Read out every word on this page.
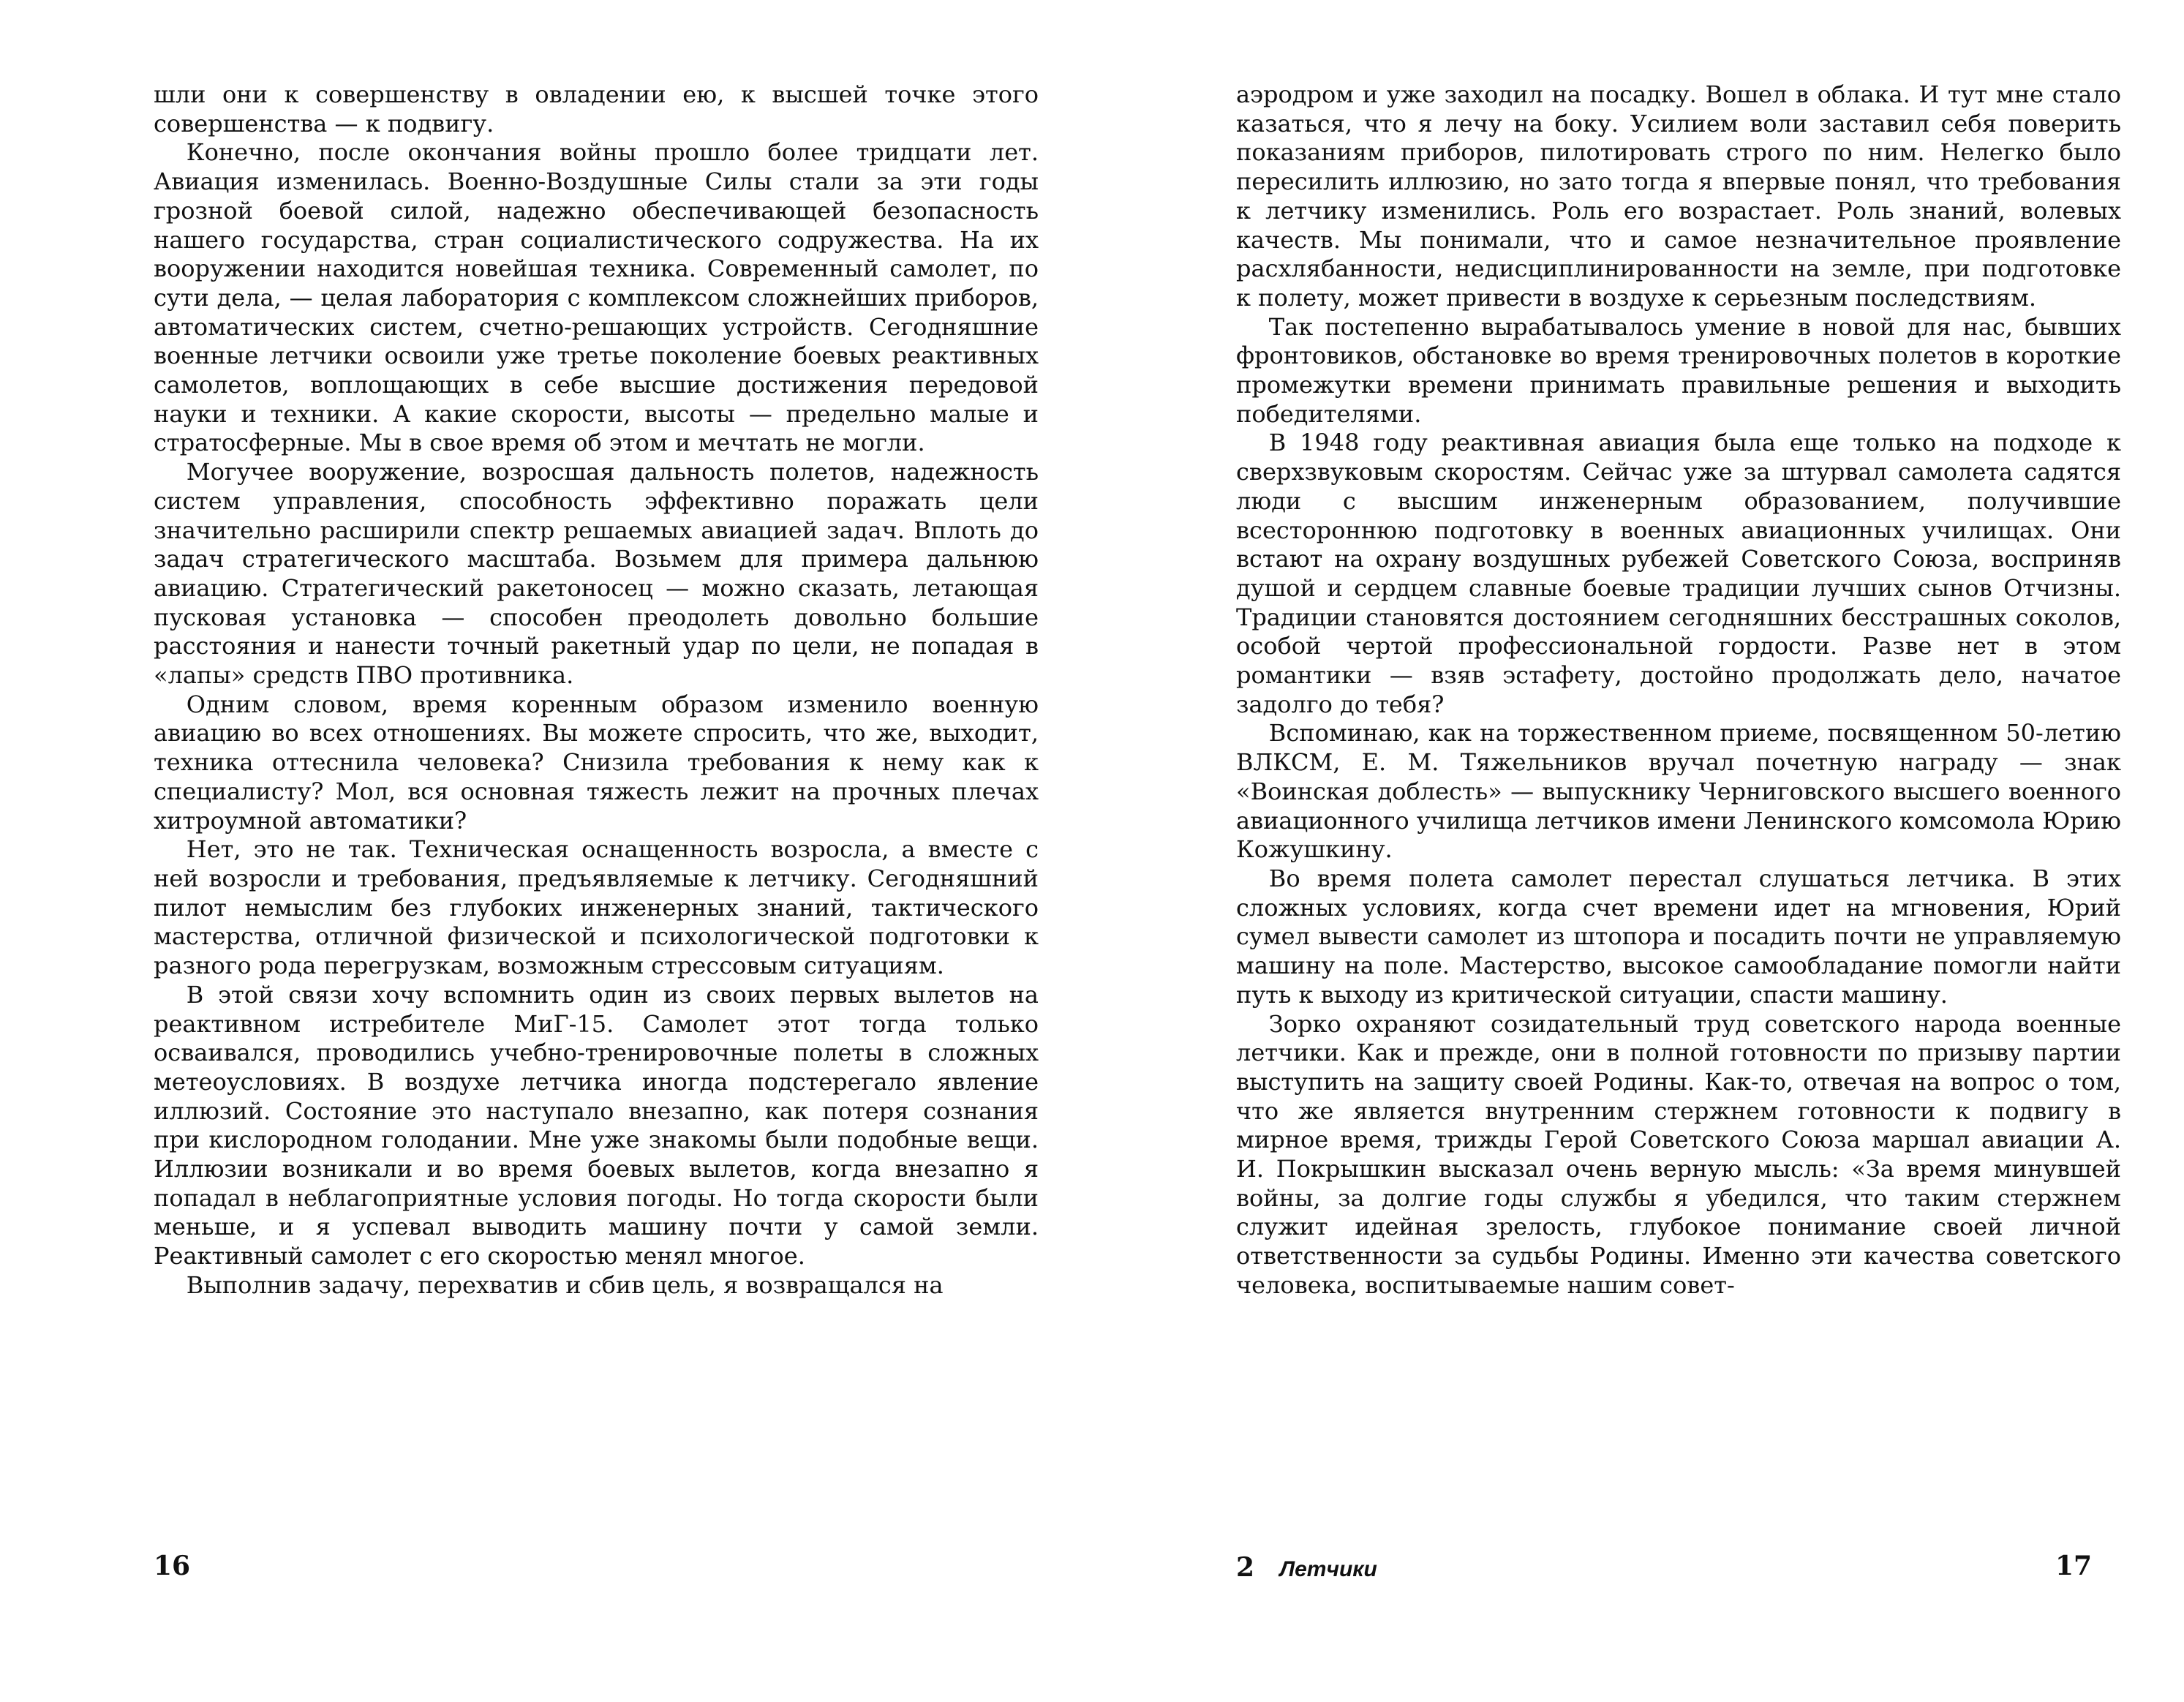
шли они к совершенству в овладении ею, к высшей точке этого совершенства — к подвигу.

Конечно, после окончания войны прошло более тридцати лет. Авиация изменилась. Военно-Воздушные Силы стали за эти годы грозной боевой силой, надежно обеспечивающей безопасность нашего государства, стран социалистического содружества. На их вооружении находится новейшая техника. Современный самолет, по сути дела, — целая лаборатория с комплексом сложнейших приборов, автоматических систем, счетно-решающих устройств. Сегодняшние военные летчики освоили уже третье поколение боевых реактивных самолетов, воплощающих в себе высшие достижения передовой науки и техники. А какие скорости, высоты — предельно малые и стратосферные. Мы в свое время об этом и мечтать не могли.

Могучее вооружение, возросшая дальность полетов, надежность систем управления, способность эффективно поражать цели значительно расширили спектр решаемых авиацией задач. Вплоть до задач стратегического масштаба. Возьмем для примера дальнюю авиацию. Стратегический ракетоносец — можно сказать, летающая пусковая установка — способен преодолеть довольно большие расстояния и нанести точный ракетный удар по цели, не попадая в «лапы» средств ПВО противника.

Одним словом, время коренным образом изменило военную авиацию во всех отношениях. Вы можете спросить, что же, выходит, техника оттеснила человека? Снизила требования к нему как к специалисту? Мол, вся основная тяжесть лежит на прочных плечах хитроумной автоматики?

Нет, это не так. Техническая оснащенность возросла, а вместе с ней возросли и требования, предъявляемые к летчику. Сегодняшний пилот немыслим без глубоких инженерных знаний, тактического мастерства, отличной физической и психологической подготовки к разного рода перегрузкам, возможным стрессовым ситуациям.

В этой связи хочу вспомнить один из своих первых вылетов на реактивном истребителе МиГ-15. Самолет этот тогда только осваивался, проводились учебно-тренировочные полеты в сложных метеоусловиях. В воздухе летчика иногда подстерегало явление иллюзий. Состояние это наступало внезапно, как потеря сознания при кислородном голодании. Мне уже знакомы были подобные вещи. Иллюзии возникали и во время боевых вылетов, когда внезапно я попадал в неблагоприятные условия погоды. Но тогда скорости были меньше, и я успевал выводить машину почти у самой земли. Реактивный самолет с его скоростью менял многое.

Выполнив задачу, перехватив и сбив цель, я возвращался на

16

аэродром и уже заходил на посадку. Вошел в облака. И тут мне стало казаться, что я лечу на боку. Усилием воли заставил себя поверить показаниям приборов, пилотировать строго по ним. Нелегко было пересилить иллюзию, но зато тогда я впервые понял, что требования к летчику изменились. Роль его возрастает. Роль знаний, волевых качеств. Мы понимали, что и самое незначительное проявление расхлябанности, недисциплинированности на земле, при подготовке к полету, может привести в воздухе к серьезным последствиям.

Так постепенно вырабатывалось умение в новой для нас, бывших фронтовиков, обстановке во время тренировочных полетов в короткие промежутки времени принимать правильные решения и выходить победителями.

В 1948 году реактивная авиация была еще только на подходе к сверхзвуковым скоростям. Сейчас уже за штурвал самолета садятся люди с высшим инженерным образованием, получившие всестороннюю подготовку в военных авиационных училищах. Они встают на охрану воздушных рубежей Советского Союза, восприняв душой и сердцем славные боевые традиции лучших сынов Отчизны. Традиции становятся достоянием сегодняшних бесстрашных соколов, особой чертой профессиональной гордости. Разве нет в этом романтики — взяв эстафету, достойно продолжать дело, начатое задолго до тебя?

Вспоминаю, как на торжественном приеме, посвященном 50-летию ВЛКСМ, Е. М. Тяжельников вручал почетную награду — знак «Воинская доблесть» — выпускнику Черниговского высшего военного авиационного училища летчиков имени Ленинского комсомола Юрию Кожушкину.

Во время полета самолет перестал слушаться летчика. В этих сложных условиях, когда счет времени идет на мгновения, Юрий сумел вывести самолет из штопора и посадить почти не управляемую машину на поле. Мастерство, высокое самообладание помогли найти путь к выходу из критической ситуации, спасти машину.

Зорко охраняют созидательный труд советского народа военные летчики. Как и прежде, они в полной готовности по призыву партии выступить на защиту своей Родины. Как-то, отвечая на вопрос о том, что же является внутренним стержнем готовности к подвигу в мирное время, трижды Герой Советского Союза маршал авиации А. И. Покрышкин высказал очень верную мысль: «За время минувшей войны, за долгие годы службы я убедился, что таким стержнем служит идейная зрелость, глубокое понимание своей личной ответственности за судьбы Родины. Именно эти качества советского человека, воспитываемые нашим совет-

2 Летчики	17
